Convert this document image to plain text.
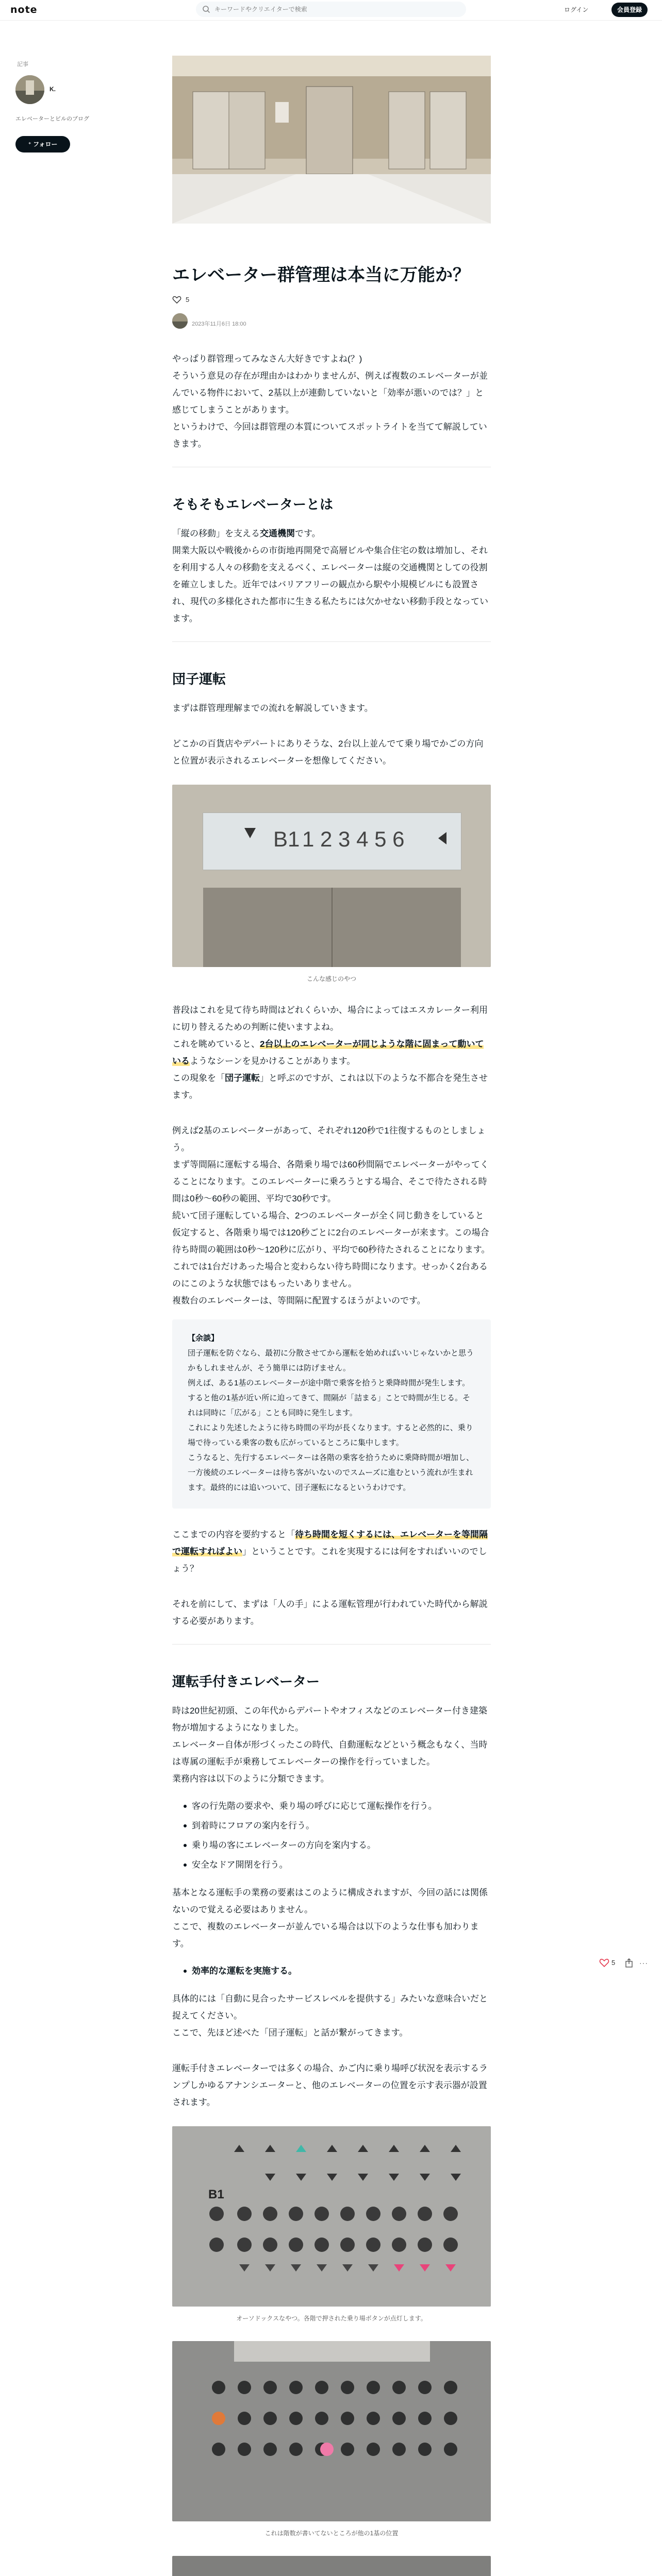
note
キーワードやクリエイターで検索	ログイン	会員登録
記事
K.
エレベーターとビルのブログ
⁺ フォロー
5	···
エレベーター群管理は本当に万能か？
5
2023年11月6日 18:00

やっぱり群管理ってみなさん大好きですよね(？)

そういう意見の存在が理由かはわかりませんが、例えば複数のエレベーターが並んでいる物件において、2基以上が連動していないと「効率が悪いのでは？」と感じてしまうことがあります。

というわけで、今回は群管理の本質についてスポットライトを当てて解説していきます。

そもそもエレベーターとは

「縦の移動」を支える交通機関です。

開業大阪以や戦後からの市街地再開発で高層ビルや集合住宅の数は増加し、それを利用する人々の移動を支えるべく、エレベーターは縦の交通機関としての役割を確立しました。近年ではバリアフリーの観点から駅や小規模ビルにも設置され、現代の多様化された都市に生きる私たちには欠かせない移動手段となっています。

団子運転

まずは群管理理解までの流れを解説していきます。

どこかの百貨店やデパートにありそうな、2台以上並んでて乗り場でかごの方向と位置が表示されるエレベーターを想像してください。

B1 1 2 3 4 5 6
こんな感じのやつ

普段はこれを見て待ち時間はどれくらいか、場合によってはエスカレーター利用に切り替えるための判断に使いますよね。

これを眺めていると、2台以上のエレベーターが同じような階に固まって動いているようなシーンを見かけることがあります。

この現象を「団子運転」と呼ぶのですが、これは以下のような不都合を発生させます。

例えば2基のエレベーターがあって、それぞれ120秒で1往復するものとしましょう。

まず等間隔に運転する場合、各階乗り場では60秒間隔でエレベーターがやってくることになります。このエレベーターに乗ろうとする場合、そこで待たされる時間は0秒〜60秒の範囲、平均で30秒です。

続いて団子運転している場合、2つのエレベーターが全く同じ動きをしていると仮定すると、各階乗り場では120秒ごとに2台のエレベーターが来ます。この場合待ち時間の範囲は0秒〜120秒に広がり、平均で60秒待たされることになります。これでは1台だけあった場合と変わらない待ち時間になります。せっかく2台あるのにこのような状態ではもったいありません。

複数台のエレベーターは、等間隔に配置するほうがよいのです。

【余談】

団子運転を防ぐなら、最初に分散させてから運転を始めればいいじゃないかと思うかもしれませんが、そう簡単には防げません。

例えば、ある1基のエレベーターが途中階で乗客を拾うと乗降時間が発生します。すると他の1基が近い所に迫ってきて、間隔が「詰まる」ことで時間が生じる。それは同時に「広がる」ことも同時に発生します。

これにより先述したように待ち時間の平均が長くなります。すると必然的に、乗り場で待っている乗客の数も広がっているところに集中します。

こうなると、先行するエレベーターは各階の乗客を拾うために乗降時間が増加し、一方後続のエレベーターは待ち客がいないのでスムーズに進むという流れが生まれます。最終的には追いついて、団子運転になるというわけです。

ここまでの内容を要約すると「待ち時間を短くするには、エレベーターを等間隔で運転すればよい」ということです。これを実現するには何をすればいいのでしょう？

それを前にして、まずは「人の手」による運転管理が行われていた時代から解説する必要があります。

運転手付きエレベーター

時は20世紀初頭、この年代からデパートやオフィスなどのエレベーター付き建築物が増加するようになりました。

エレベーター自体が形づくったこの時代、自動運転などという概念もなく、当時は専属の運転手が乗務してエレベーターの操作を行っていました。

業務内容は以下のように分類できます。

客の行先階の要求や、乗り場の呼びに応じて運転操作を行う。
到着時にフロアの案内を行う。
乗り場の客にエレベーターの方向を案内する。
安全なドア開閉を行う。

基本となる運転手の業務の要素はこのように構成されますが、今回の話には関係ないので覚える必要はありません。

ここで、複数のエレベーターが並んでいる場合は以下のような仕事も加わります。

効率的な運転を実施する。

具体的には「自動に見合ったサービスレベルを提供する」みたいな意味合いだと捉えてください。

ここで、先ほど述べた「団子運転」と話が繋がってきます。

運転手付きエレベーターでは多くの場合、かご内に乗り場呼び状況を表示するランプしかゆるアナンシエーターと、他のエレベーターの位置を示す表示器が設置されます。

B1
オーソドックスなやつ。各階で押された乗り場ボタンが点灯します。
これは階数が書いてないところが他の1基の位置
